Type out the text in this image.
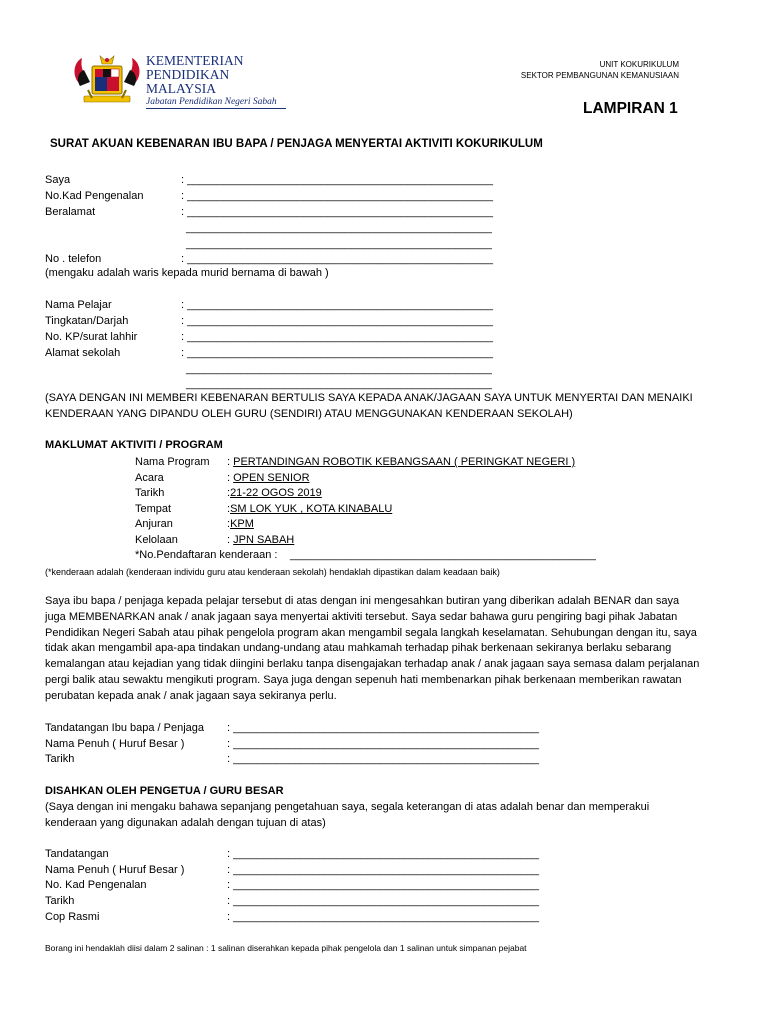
KEMENTERIAN
PENDIDIKAN
MALAYSIA
Jabatan Pendidikan Negeri Sabah
UNIT KOKURIKULUM
SEKTOR PEMBANGUNAN KEMANUSIAAN
LAMPIRAN 1
SURAT AKUAN KEBENARAN IBU BAPA / PENJAGA MENYERTAI AKTIVITI KOKURIKULUM
Saya	: __________________________________________________
No.Kad Pengenalan	: __________________________________________________
Beralamat	: __________________________________________________
__________________________________________________
__________________________________________________
No . telefon	: __________________________________________________
(mengaku adalah waris kepada murid bernama di bawah )
Nama Pelajar	: __________________________________________________
Tingkatan/Darjah	: __________________________________________________
No. KP/surat lahhir	: __________________________________________________
Alamat sekolah	: __________________________________________________
__________________________________________________
__________________________________________________
(SAYA DENGAN INI MEMBERI KEBENARAN BERTULIS SAYA KEPADA ANAK/JAGAAN SAYA UNTUK MENYERTAI DAN MENAIKI
KENDERAAN YANG DIPANDU OLEH GURU (SENDIRI) ATAU MENGGUNAKAN KENDERAAN SEKOLAH)
MAKLUMAT AKTIVITI / PROGRAM
Nama Program : PERTANDINGAN ROBOTIK KEBANGSAAN ( PERINGKAT NEGERI )
Acara	: OPEN SENIOR
Tarikh	:21-22 OGOS 2019
Tempat	:SM LOK YUK , KOTA KINABALU
Anjuran	:KPM
Kelolaan	: JPN SABAH
*No.Pendaftaran kenderaan : __________________________________________________
(*kenderaan adalah (kenderaan individu guru atau kenderaan sekolah) hendaklah dipastikan dalam keadaan baik)
Saya ibu bapa / penjaga kepada pelajar tersebut di atas dengan ini mengesahkan butiran yang diberikan adalah BENAR dan saya
juga MEMBENARKAN anak / anak jagaan saya menyertai aktiviti tersebut. Saya sedar bahawa guru pengiring bagi pihak Jabatan
Pendidikan Negeri Sabah atau pihak pengelola program akan mengambil segala langkah keselamatan. Sehubungan dengan itu, saya
tidak akan mengambil apa-apa tindakan undang-undang atau mahkamah terhadap pihak berkenaan sekiranya berlaku sebarang
kemalangan atau kejadian yang tidak diingini berlaku tanpa disengajakan terhadap anak / anak jagaan saya semasa dalam perjalanan
pergi balik atau sewaktu mengikuti program. Saya juga dengan sepenuh hati membenarkan pihak berkenaan memberikan rawatan
perubatan kepada anak / anak jagaan saya sekiranya perlu.
Tandatangan Ibu bapa / Penjaga : __________________________________________________
Nama Penuh ( Huruf Besar )	: __________________________________________________
Tarikh	: __________________________________________________
DISAHKAN OLEH PENGETUA / GURU BESAR
(Saya dengan ini mengaku bahawa sepanjang pengetahuan saya, segala keterangan di atas adalah benar dan memperakui
kenderaan yang digunakan adalah dengan tujuan di atas)
Tandatangan	: __________________________________________________
Nama Penuh ( Huruf Besar )	: __________________________________________________
No. Kad Pengenalan	: __________________________________________________
Tarikh	: __________________________________________________
Cop Rasmi	: __________________________________________________
Borang ini hendaklah diisi dalam 2 salinan : 1 salinan diserahkan kepada pihak pengelola dan 1 salinan untuk simpanan pejabat
